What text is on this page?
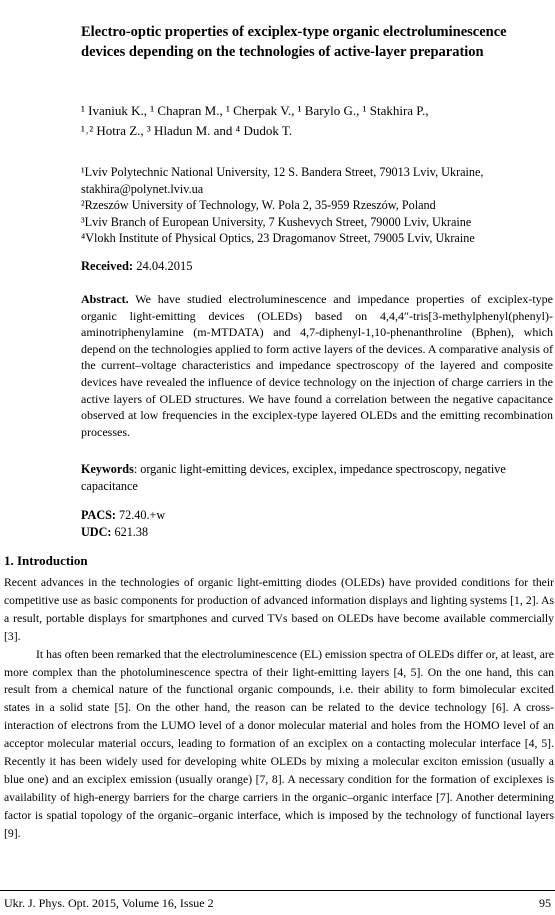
Electro-optic properties of exciplex-type organic electroluminescence devices depending on the technologies of active-layer preparation
¹ Ivaniuk K., ¹ Chapran M., ¹ Cherpak V., ¹ Barylo G., ¹ Stakhira P.,
¹˒² Hotra Z., ³ Hladun M. and ⁴ Dudok T.
¹Lviv Polytechnic National University, 12 S. Bandera Street, 79013 Lviv, Ukraine,
stakhira@polynet.lviv.ua
²Rzeszów University of Technology, W. Pola 2, 35-959 Rzeszów, Poland
³Lviv Branch of European University, 7 Kushevych Street, 79000 Lviv, Ukraine
⁴Vlokh Institute of Physical Optics, 23 Dragomanov Street, 79005 Lviv, Ukraine
Received: 24.04.2015
Abstract. We have studied electroluminescence and impedance properties of exciplex-type organic light-emitting devices (OLEDs) based on 4,4,4″-tris[3-methylphenyl(phenyl)-aminotriphenylamine (m-MTDATA) and 4,7-diphenyl-1,10-phenanthroline (Bphen), which depend on the technologies applied to form active layers of the devices. A comparative analysis of the current–voltage characteristics and impedance spectroscopy of the layered and composite devices have revealed the influence of device technology on the injection of charge carriers in the active layers of OLED structures. We have found a correlation between the negative capacitance observed at low frequencies in the exciplex-type layered OLEDs and the emitting recombination processes.
Keywords: organic light-emitting devices, exciplex, impedance spectroscopy, negative capacitance
PACS: 72.40.+w
UDC: 621.38
1. Introduction

Recent advances in the technologies of organic light-emitting diodes (OLEDs) have provided conditions for their competitive use as basic components for production of advanced information displays and lighting systems [1, 2]. As a result, portable displays for smartphones and curved TVs based on OLEDs have become available commercially [3].

It has often been remarked that the electroluminescence (EL) emission spectra of OLEDs differ or, at least, are more complex than the photoluminescence spectra of their light-emitting layers [4, 5]. On the one hand, this can result from a chemical nature of the functional organic compounds, i.e. their ability to form bimolecular excited states in a solid state [5]. On the other hand, the reason can be related to the device technology [6]. A cross-interaction of electrons from the LUMO level of a donor molecular material and holes from the HOMO level of an acceptor molecular material occurs, leading to formation of an exciplex on a contacting molecular interface [4, 5]. Recently it has been widely used for developing white OLEDs by mixing a molecular exciton emission (usually a blue one) and an exciplex emission (usually orange) [7, 8]. A necessary condition for the formation of exciplexes is availability of high-energy barriers for the charge carriers in the organic–organic interface [7]. Another determining factor is spatial topology of the organic–organic interface, which is imposed by the technology of functional layers [9].

Ukr. J. Phys. Opt. 2015, Volume 16, Issue 2	95
